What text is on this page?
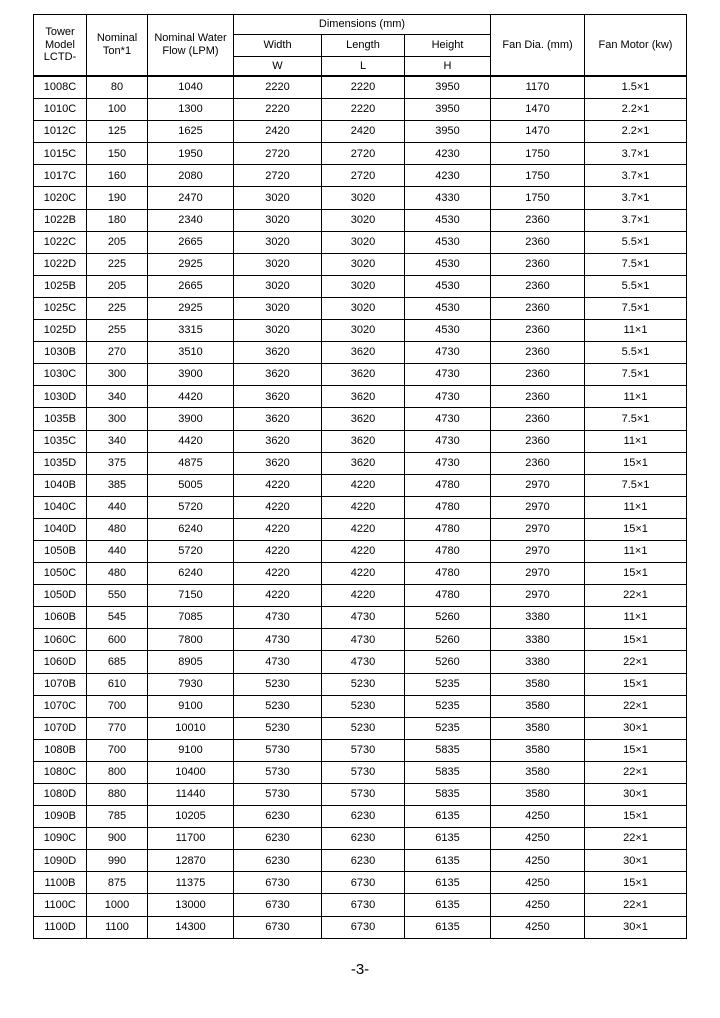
Tower Model LCTD-	Nominal Ton*1	Nominal Water Flow (LPM)	Dimensions (mm)			Fan Dia. (mm)	Fan Motor (kw)
			Width	Length	Height		
			W	L	H		
1008C	80	1040	2220	2220	3950	1170	1.5×1
1010C	100	1300	2220	2220	3950	1470	2.2×1
1012C	125	1625	2420	2420	3950	1470	2.2×1
1015C	150	1950	2720	2720	4230	1750	3.7×1
1017C	160	2080	2720	2720	4230	1750	3.7×1
1020C	190	2470	3020	3020	4330	1750	3.7×1
1022B	180	2340	3020	3020	4530	2360	3.7×1
1022C	205	2665	3020	3020	4530	2360	5.5×1
1022D	225	2925	3020	3020	4530	2360	7.5×1
1025B	205	2665	3020	3020	4530	2360	5.5×1
1025C	225	2925	3020	3020	4530	2360	7.5×1
1025D	255	3315	3020	3020	4530	2360	11×1
1030B	270	3510	3620	3620	4730	2360	5.5×1
1030C	300	3900	3620	3620	4730	2360	7.5×1
1030D	340	4420	3620	3620	4730	2360	11×1
1035B	300	3900	3620	3620	4730	2360	7.5×1
1035C	340	4420	3620	3620	4730	2360	11×1
1035D	375	4875	3620	3620	4730	2360	15×1
1040B	385	5005	4220	4220	4780	2970	7.5×1
1040C	440	5720	4220	4220	4780	2970	11×1
1040D	480	6240	4220	4220	4780	2970	15×1
1050B	440	5720	4220	4220	4780	2970	11×1
1050C	480	6240	4220	4220	4780	2970	15×1
1050D	550	7150	4220	4220	4780	2970	22×1
1060B	545	7085	4730	4730	5260	3380	11×1
1060C	600	7800	4730	4730	5260	3380	15×1
1060D	685	8905	4730	4730	5260	3380	22×1
1070B	610	7930	5230	5230	5235	3580	15×1
1070C	700	9100	5230	5230	5235	3580	22×1
1070D	770	10010	5230	5230	5235	3580	30×1
1080B	700	9100	5730	5730	5835	3580	15×1
1080C	800	10400	5730	5730	5835	3580	22×1
1080D	880	11440	5730	5730	5835	3580	30×1
1090B	785	10205	6230	6230	6135	4250	15×1
1090C	900	11700	6230	6230	6135	4250	22×1
1090D	990	12870	6230	6230	6135	4250	30×1
1100B	875	11375	6730	6730	6135	4250	15×1
1100C	1000	13000	6730	6730	6135	4250	22×1
1100D	1100	14300	6730	6730	6135	4250	30×1
-3-
